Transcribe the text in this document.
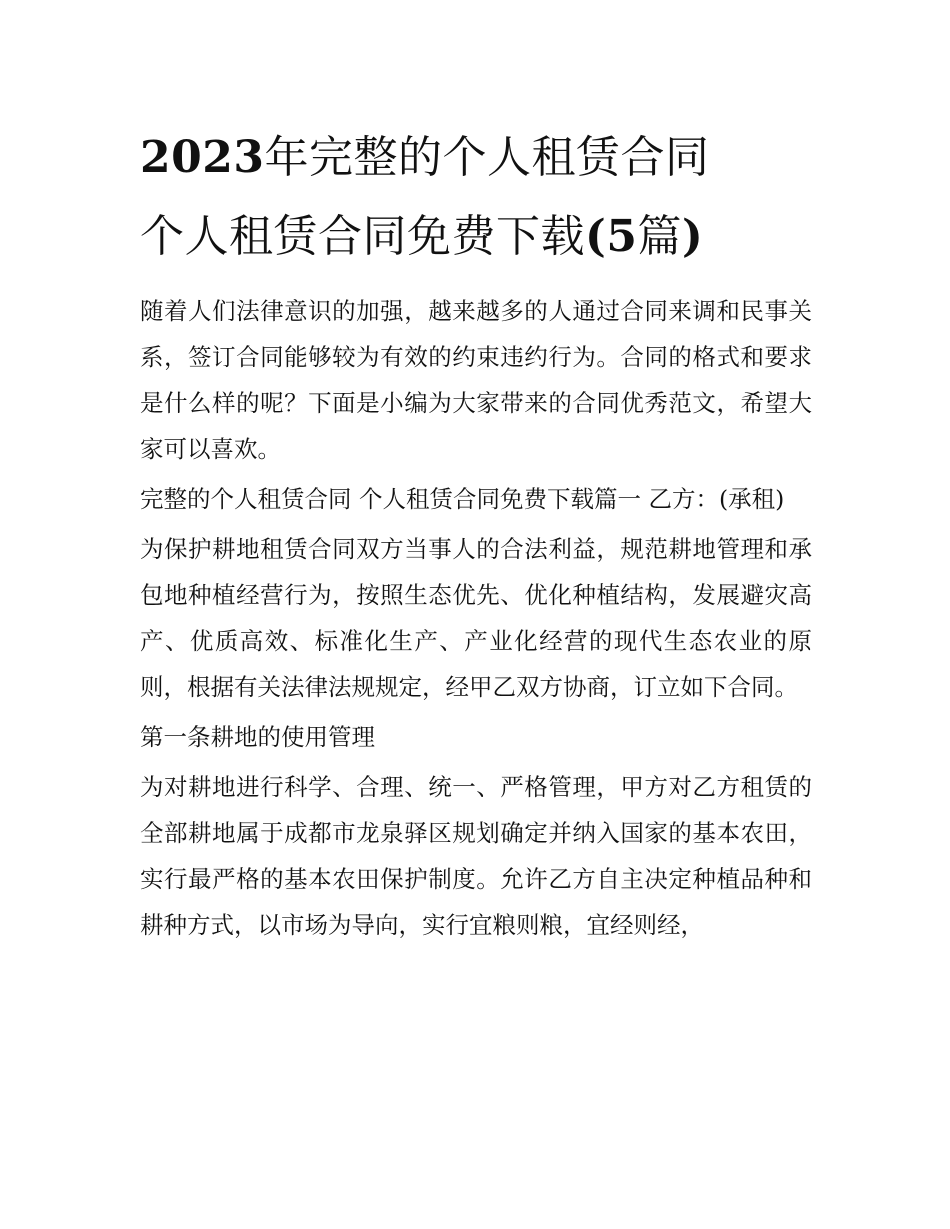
2023年完整的个人租赁合同
个人租赁合同免费下载(5篇)

随着人们法律意识的加强，越来越多的人通过合同来调和民事关系，签订合同能够较为有效的约束违约行为。合同的格式和要求是什么样的呢？下面是小编为大家带来的合同优秀范文，希望大家可以喜欢。

完整的个人租赁合同 个人租赁合同免费下载篇一 乙方：(承租)

为保护耕地租赁合同双方当事人的合法利益，规范耕地管理和承包地种植经营行为，按照生态优先、优化种植结构，发展避灾高产、优质高效、标准化生产、产业化经营的现代生态农业的原则，根据有关法律法规规定，经甲乙双方协商，订立如下合同。

第一条耕地的使用管理

为对耕地进行科学、合理、统一、严格管理，甲方对乙方租赁的全部耕地属于成都市龙泉驿区规划确定并纳入国家的基本农田，实行最严格的基本农田保护制度。允许乙方自主决定种植品种和耕种方式，以市场为导向，实行宜粮则粮，宜经则经，
